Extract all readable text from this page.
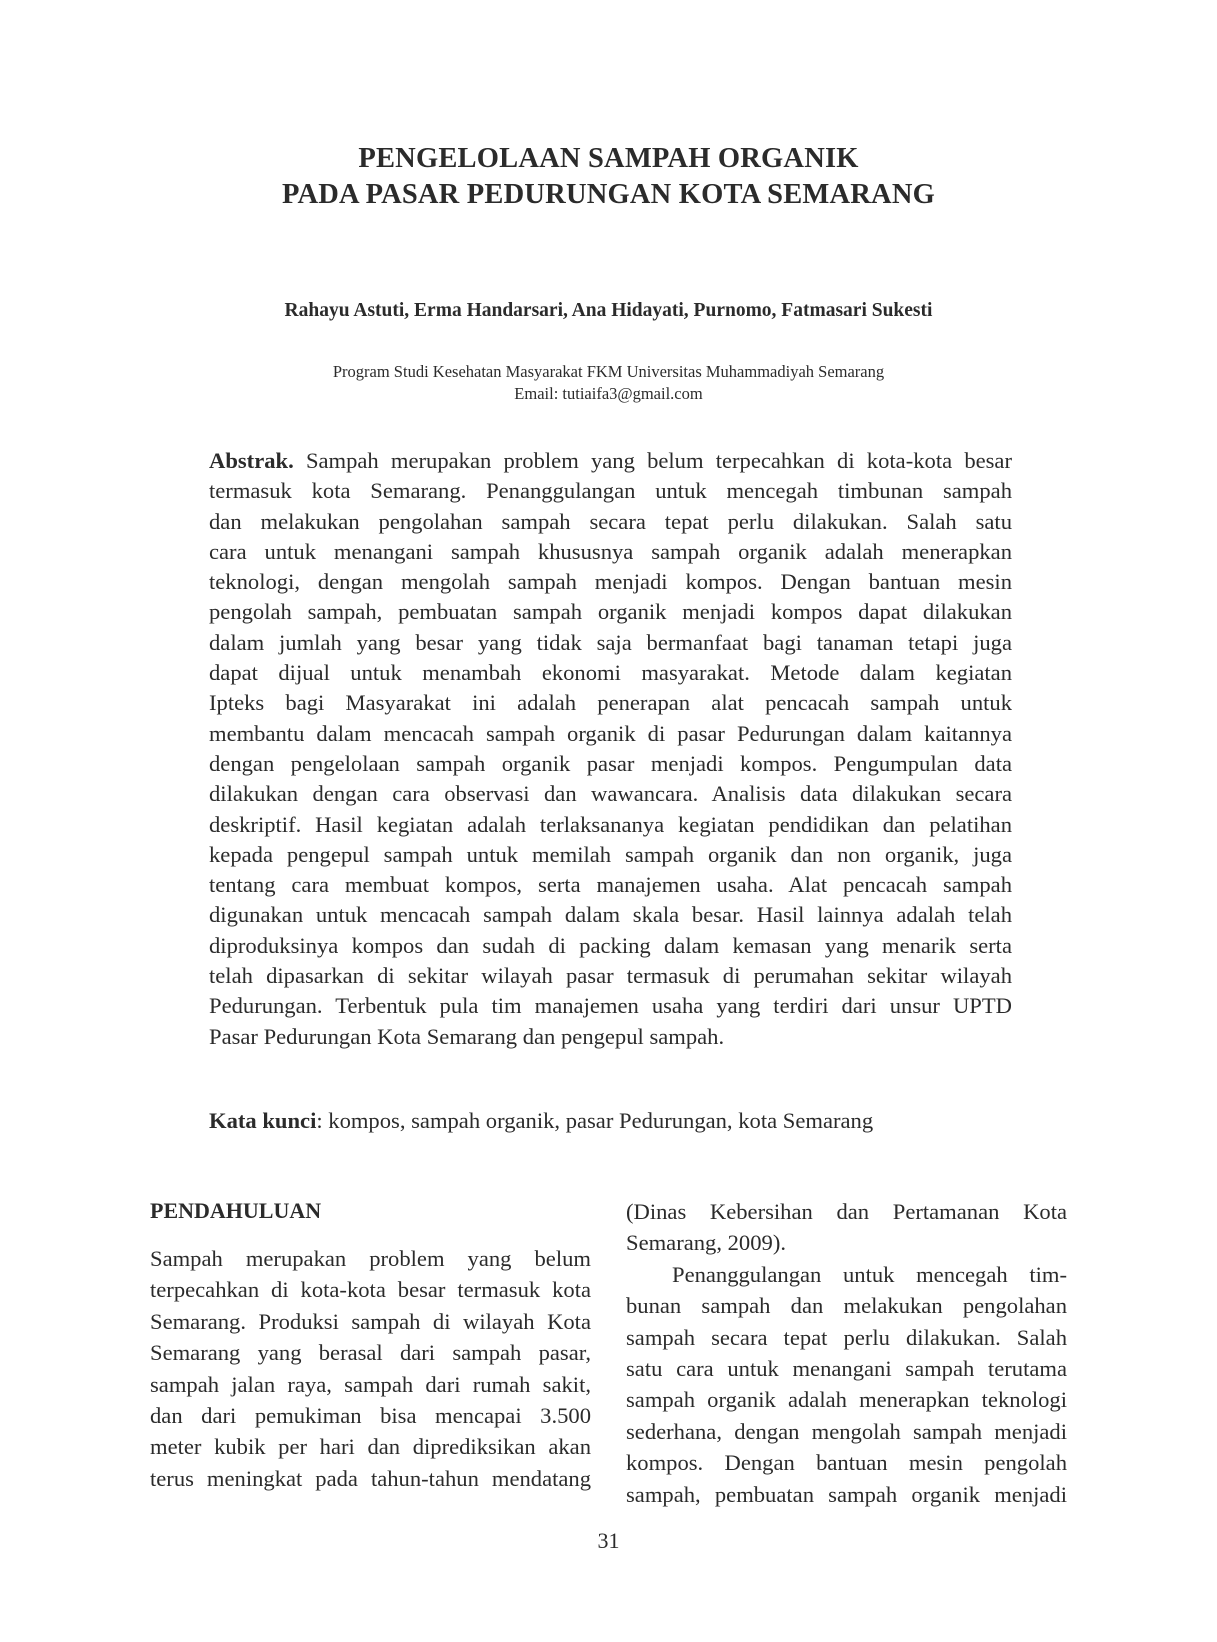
PENGELOLAAN SAMPAH ORGANIK
PADA PASAR PEDURUNGAN KOTA SEMARANG
Rahayu Astuti, Erma Handarsari, Ana Hidayati, Purnomo, Fatmasari Sukesti
Program Studi Kesehatan Masyarakat FKM Universitas Muhammadiyah Semarang
Email: tutiaifa3@gmail.com
Abstrak. Sampah merupakan problem yang belum terpecahkan di kota-kota besar
termasuk kota Semarang. Penanggulangan untuk mencegah timbunan sampah
dan melakukan pengolahan sampah secara tepat perlu dilakukan. Salah satu
cara untuk menangani sampah khususnya sampah organik adalah menerapkan
teknologi, dengan mengolah sampah menjadi kompos. Dengan bantuan mesin
pengolah sampah, pembuatan sampah organik menjadi kompos dapat dilakukan
dalam jumlah yang besar yang tidak saja bermanfaat bagi tanaman tetapi juga
dapat dijual untuk menambah ekonomi masyarakat. Metode dalam kegiatan
Ipteks bagi Masyarakat ini adalah penerapan alat pencacah sampah untuk
membantu dalam mencacah sampah organik di pasar Pedurungan dalam kaitannya
dengan pengelolaan sampah organik pasar menjadi kompos. Pengumpulan data
dilakukan dengan cara observasi dan wawancara. Analisis data dilakukan secara
deskriptif. Hasil kegiatan adalah terlaksananya kegiatan pendidikan dan pelatihan
kepada pengepul sampah untuk memilah sampah organik dan non organik, juga
tentang cara membuat kompos, serta manajemen usaha. Alat pencacah sampah
digunakan untuk mencacah sampah dalam skala besar. Hasil lainnya adalah telah
diproduksinya kompos dan sudah di packing dalam kemasan yang menarik serta
telah dipasarkan di sekitar wilayah pasar termasuk di perumahan sekitar wilayah
Pedurungan. Terbentuk pula tim manajemen usaha yang terdiri dari unsur UPTD
Pasar Pedurungan Kota Semarang dan pengepul sampah.
Kata kunci: kompos, sampah organik, pasar Pedurungan, kota Semarang
PENDAHULUAN
Sampah merupakan problem yang belum
terpecahkan di kota-kota besar termasuk kota
Semarang. Produksi sampah di wilayah Kota
Semarang yang berasal dari sampah pasar,
sampah jalan raya, sampah dari rumah sakit,
dan dari pemukiman bisa mencapai 3.500
meter kubik per hari dan diprediksikan akan
terus meningkat pada tahun-tahun mendatang
(Dinas Kebersihan dan Pertamanan Kota
Semarang, 2009).
Penanggulangan untuk mencegah tim-
bunan sampah dan melakukan pengolahan
sampah secara tepat perlu dilakukan. Salah
satu cara untuk menangani sampah terutama
sampah organik adalah menerapkan teknologi
sederhana, dengan mengolah sampah menjadi
kompos. Dengan bantuan mesin pengolah
sampah, pembuatan sampah organik menjadi
31
